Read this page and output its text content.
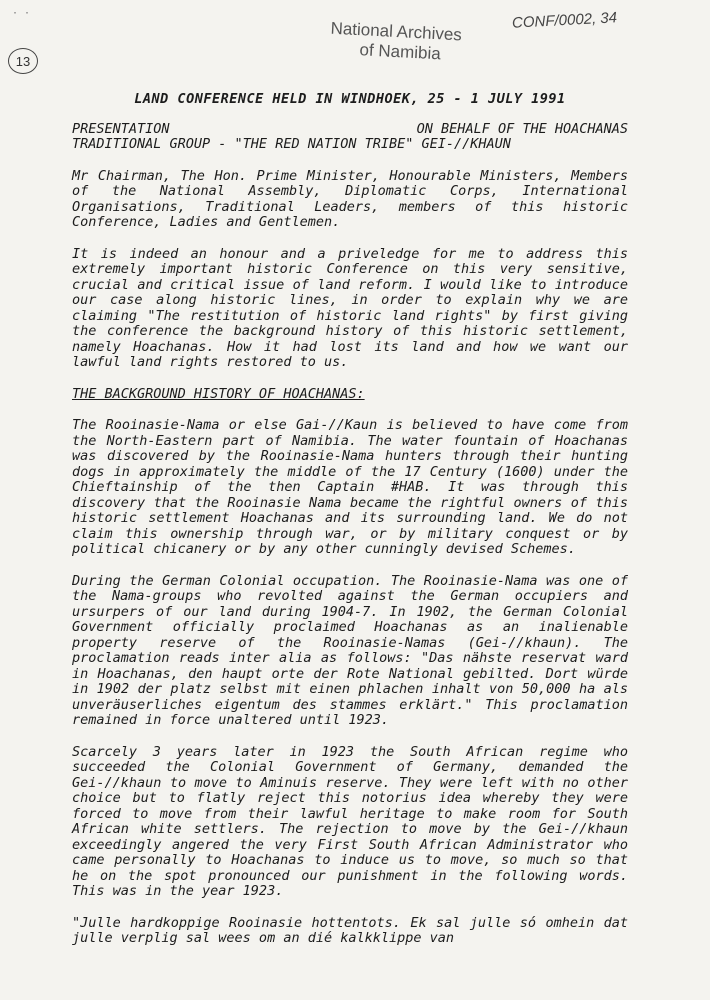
· ·
13
National Archives
of Namibia
CONF/0002, 34
LAND CONFERENCE HELD IN WINDHOEK, 25 - 1 JULY 1991
PRESENTATION	ON BEHALF OF THE HOACHANAS
TRADITIONAL GROUP - "THE RED NATION TRIBE" GEI-//KHAUN
Mr Chairman, The Hon. Prime Minister, Honourable Ministers, Members of the National Assembly, Diplomatic Corps, International Organisations, Traditional Leaders, members of this historic Conference, Ladies and Gentlemen.
It is indeed an honour and a priveledge for me to address this extremely important historic Conference on this very sensitive, crucial and critical issue of land reform. I would like to introduce our case along historic lines, in order to explain why we are claiming "The restitution of historic land rights" by first giving the conference the background history of this historic settlement, namely Hoachanas. How it had lost its land and how we want our lawful land rights restored to us.
THE BACKGROUND HISTORY OF HOACHANAS:
The Rooinasie-Nama or else Gai-//Kaun is believed to have come from the North-Eastern part of Namibia. The water fountain of Hoachanas was discovered by the Rooinasie-Nama hunters through their hunting dogs in approximately the middle of the 17 Century (1600) under the Chieftainship of the then Captain #HAB. It was through this discovery that the Rooinasie Nama became the rightful owners of this historic settlement Hoachanas and its surrounding land. We do not claim this ownership through war, or by military conquest or by political chicanery or by any other cunningly devised Schemes.
During the German Colonial occupation. The Rooinasie-Nama was one of the Nama-groups who revolted against the German occupiers and ursurpers of our land during 1904-7. In 1902, the German Colonial Government officially proclaimed Hoachanas as an inalienable property reserve of the Rooinasie-Namas (Gei-//khaun). The proclamation reads inter alia as follows: "Das nähste reservat ward in Hoachanas, den haupt orte der Rote National gebilted. Dort würde in 1902 der platz selbst mit einen phlachen inhalt von 50,000 ha als unveräuserliches eigentum des stammes erklärt." This proclamation remained in force unaltered until 1923.
Scarcely 3 years later in 1923 the South African regime who succeeded the Colonial Government of Germany, demanded the Gei-//khaun to move to Aminuis reserve. They were left with no other choice but to flatly reject this notorius idea whereby they were forced to move from their lawful heritage to make room for South African white settlers. The rejection to move by the Gei-//khaun exceedingly angered the very First South African Administrator who came personally to Hoachanas to induce us to move, so much so that he on the spot pronounced our punishment in the following words. This was in the year 1923.
"Julle hardkoppige Rooinasie hottentots. Ek sal julle só omhein dat julle verplig sal wees om an dié kalkklippe van
